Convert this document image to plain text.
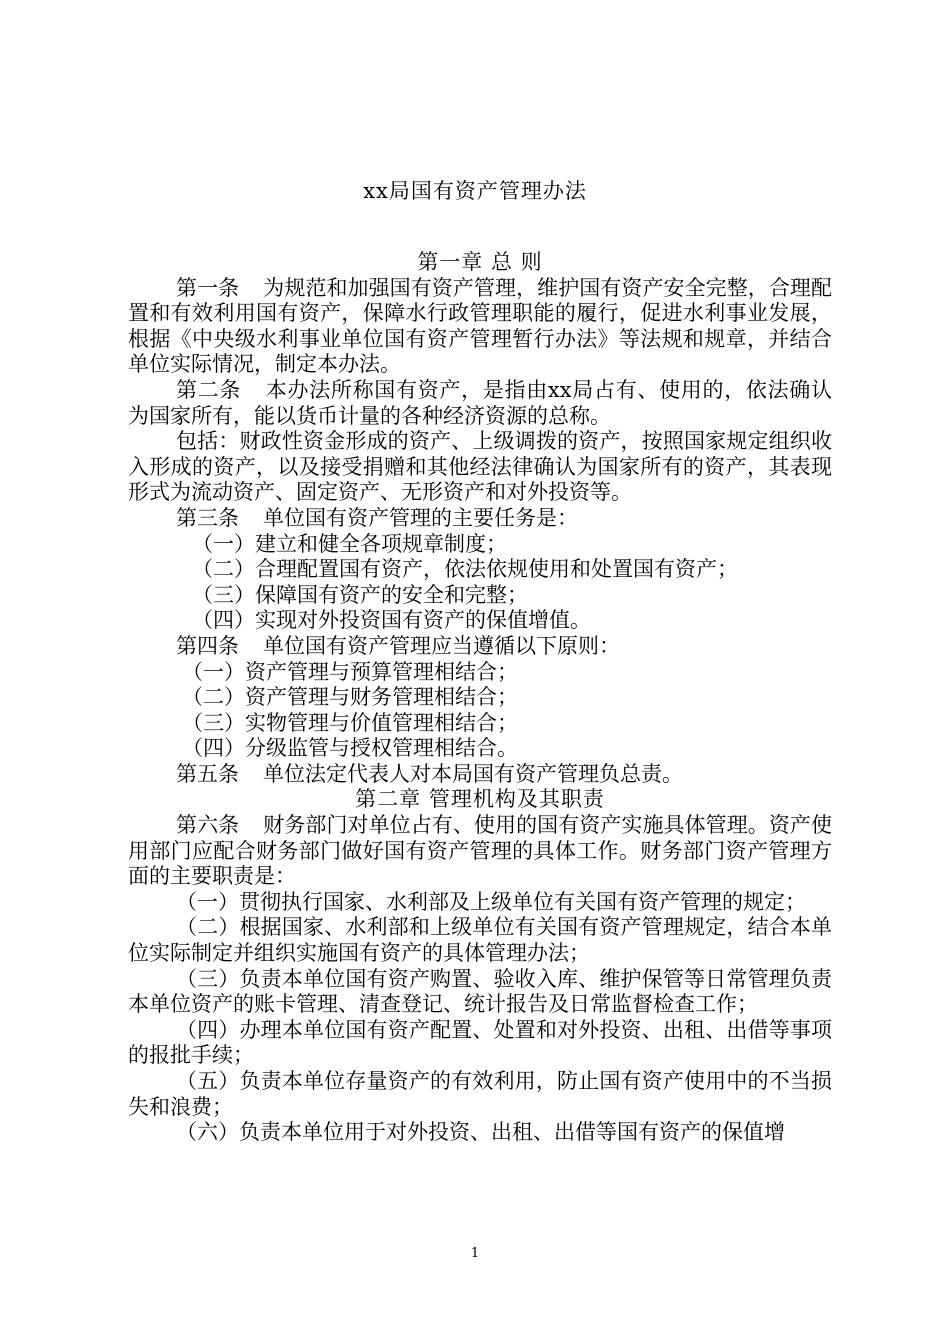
xx局国有资产管理办法

第一章 总 则

第一条 为规范和加强国有资产管理，维护国有资产安全完整，合理配置和有效利用国有资产，保障水行政管理职能的履行，促进水利事业发展，根据《中央级水利事业单位国有资产管理暂行办法》等法规和规章，并结合单位实际情况，制定本办法。

第二条 本办法所称国有资产，是指由xx局占有、使用的，依法确认为国家所有，能以货币计量的各种经济资源的总称。

包括：财政性资金形成的资产、上级调拨的资产，按照国家规定组织收入形成的资产，以及接受捐赠和其他经法律确认为国家所有的资产，其表现形式为流动资产、固定资产、无形资产和对外投资等。

第三条 单位国有资产管理的主要任务是：

（一）建立和健全各项规章制度；

（二）合理配置国有资产，依法依规使用和处置国有资产；

（三）保障国有资产的安全和完整；

（四）实现对外投资国有资产的保值增值。

第四条 单位国有资产管理应当遵循以下原则：

（一）资产管理与预算管理相结合；

（二）资产管理与财务管理相结合；

（三）实物管理与价值管理相结合；

（四）分级监管与授权管理相结合。

第五条 单位法定代表人对本局国有资产管理负总责。

第二章 管理机构及其职责

第六条 财务部门对单位占有、使用的国有资产实施具体管理。资产使用部门应配合财务部门做好国有资产管理的具体工作。财务部门资产管理方面的主要职责是：

（一）贯彻执行国家、水利部及上级单位有关国有资产管理的规定；

（二）根据国家、水利部和上级单位有关国有资产管理规定，结合本单位实际制定并组织实施国有资产的具体管理办法；

（三）负责本单位国有资产购置、验收入库、维护保管等日常管理负责本单位资产的账卡管理、清查登记、统计报告及日常监督检查工作；

（四）办理本单位国有资产配置、处置和对外投资、出租、出借等事项的报批手续；

（五）负责本单位存量资产的有效利用，防止国有资产使用中的不当损失和浪费；

（六）负责本单位用于对外投资、出租、出借等国有资产的保值增

1
